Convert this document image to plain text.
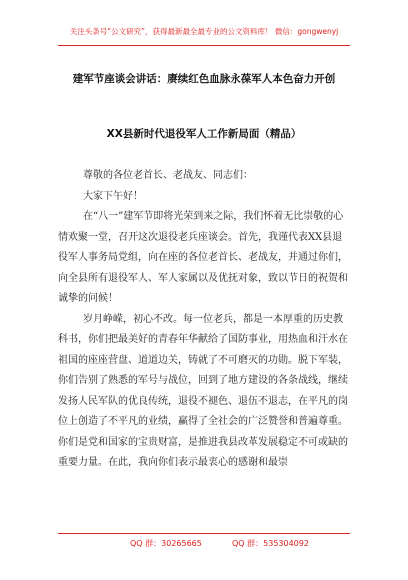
关注头条号“公文研究”，获得最新最全最专业的公文资料库！ 微信：gongwenyj
建军节座谈会讲话：赓续红色血脉永葆军人本色奋力开创
XX县新时代退役军人工作新局面（精品）

尊敬的各位老首长、老战友、同志们：

大家下午好！

在“八一”建军节即将光荣到来之际，我们怀着无比崇敬的心情欢聚一堂，召开这次退役老兵座谈会。首先，我谨代表XX县退役军人事务局党组，向在座的各位老首长、老战友，并通过你们，向全县所有退役军人、军人家属以及优抚对象，致以节日的祝贺和诚挚的问候！

岁月峥嵘，初心不改。每一位老兵，都是一本厚重的历史教科书，你们把最美好的青春年华献给了国防事业，用热血和汗水在祖国的座座营盘、道道边关，铸就了不可磨灭的功勋。脱下军装，你们告别了熟悉的军号与战位，回到了地方建设的各条战线，继续发扬人民军队的优良传统，退役不褪色、退伍不退志，在平凡的岗位上创造了不平凡的业绩，赢得了全社会的广泛赞誉和普遍尊重。你们是党和国家的宝贵财富，是推进我县改革发展稳定不可或缺的重要力量。在此，我向你们表示最衷心的感谢和最崇

QQ 群：30265665	QQ 群：535304092
